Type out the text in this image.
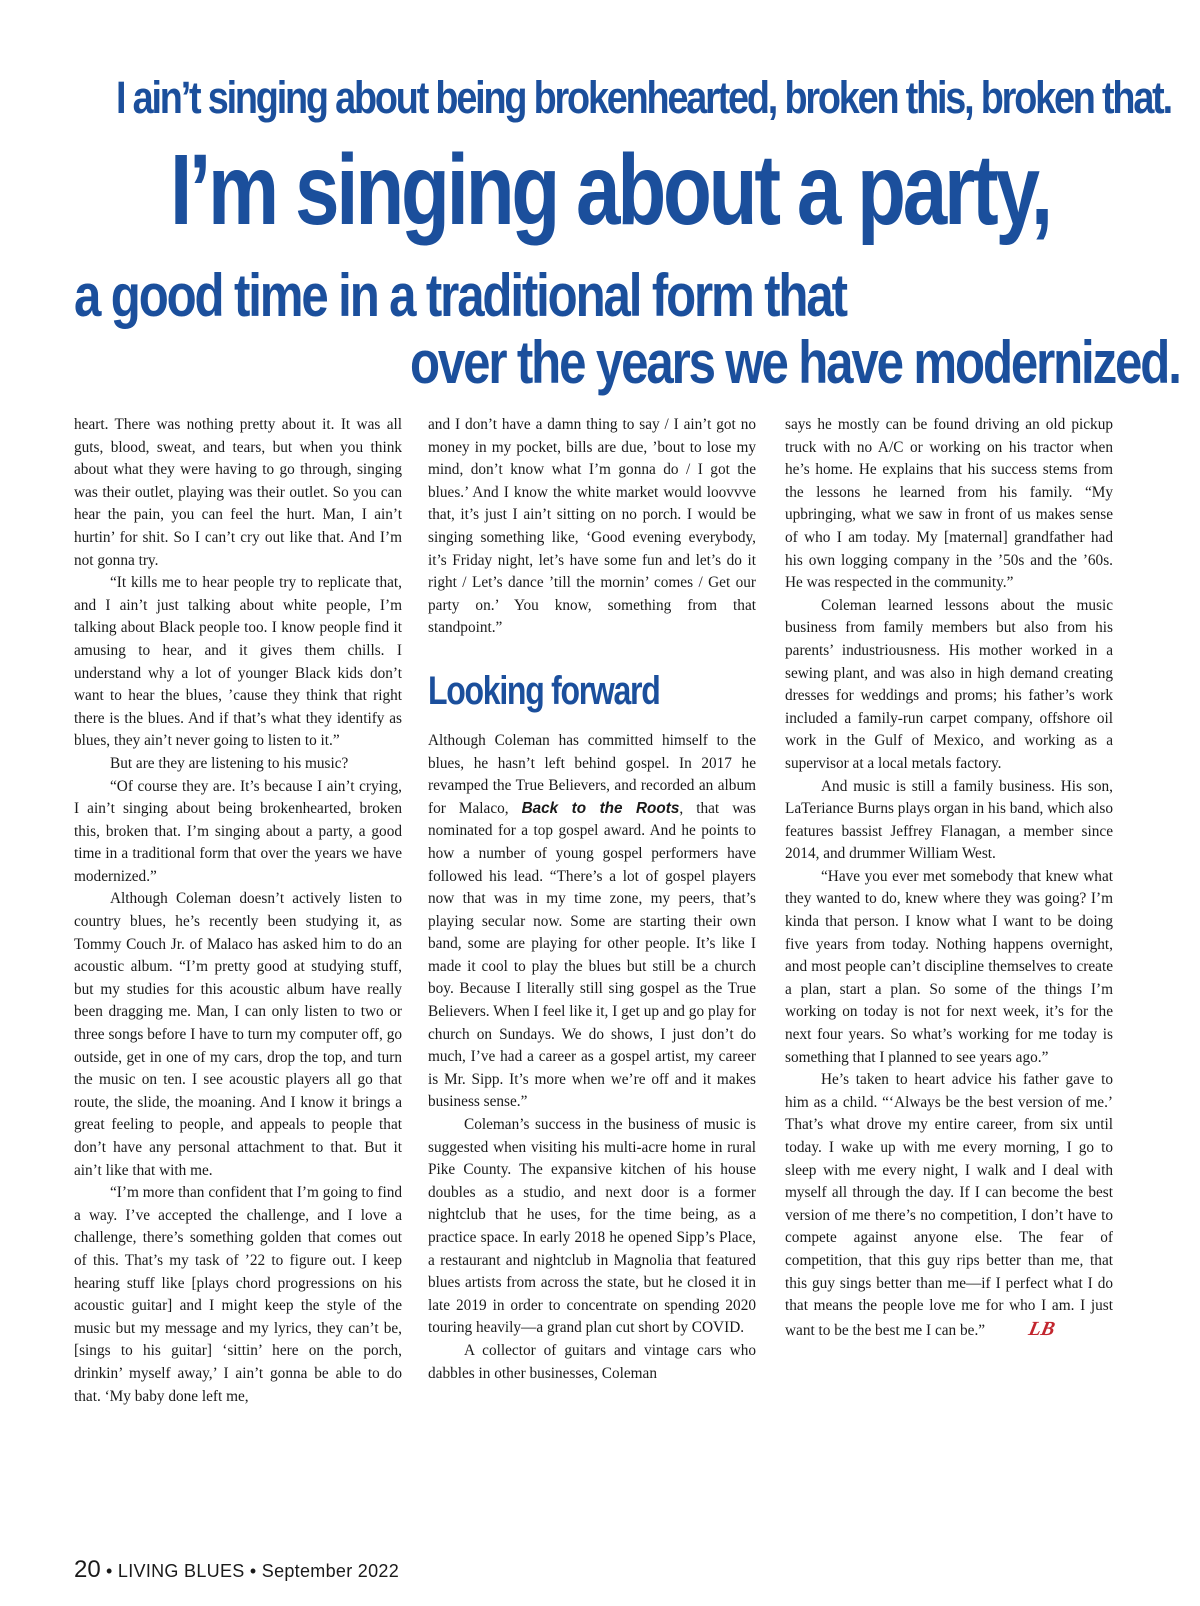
I ain’t singing about being brokenhearted, broken this, broken that.
I’m singing about a party,
a good time in a traditional form that
over the years we have modernized.

heart. There was nothing pretty about it. It was all guts, blood, sweat, and tears, but when you think about what they were having to go through, singing was their outlet, playing was their outlet. So you can hear the pain, you can feel the hurt. Man, I ain’t hurtin’ for shit. So I can’t cry out like that. And I’m not gonna try.

“It kills me to hear people try to replicate that, and I ain’t just talking about white people, I’m talking about Black people too. I know people find it amusing to hear, and it gives them chills. I understand why a lot of younger Black kids don’t want to hear the blues, ’cause they think that right there is the blues. And if that’s what they identify as blues, they ain’t never going to listen to it.”

But are they are listening to his music?

“Of course they are. It’s because I ain’t crying, I ain’t singing about being brokenhearted, broken this, broken that. I’m singing about a party, a good time in a traditional form that over the years we have modernized.”

Although Coleman doesn’t actively listen to country blues, he’s recently been studying it, as Tommy Couch Jr. of Malaco has asked him to do an acoustic album. “I’m pretty good at studying stuff, but my studies for this acoustic album have really been dragging me. Man, I can only listen to two or three songs before I have to turn my computer off, go outside, get in one of my cars, drop the top, and turn the music on ten. I see acoustic players all go that route, the slide, the moaning. And I know it brings a great feeling to people, and appeals to people that don’t have any personal attachment to that. But it ain’t like that with me.

“I’m more than confident that I’m going to find a way. I’ve accepted the challenge, and I love a challenge, there’s something golden that comes out of this. That’s my task of ’22 to figure out. I keep hearing stuff like [plays chord progressions on his acoustic guitar] and I might keep the style of the music but my message and my lyrics, they can’t be, [sings to his guitar] ‘sittin’ here on the porch, drinkin’ myself away,’ I ain’t gonna be able to do that. ‘My baby done left me,

and I don’t have a damn thing to say / I ain’t got no money in my pocket, bills are due, ’bout to lose my mind, don’t know what I’m gonna do / I got the blues.’ And I know the white market would loovvve that, it’s just I ain’t sitting on no porch. I would be singing something like, ‘Good evening everybody, it’s Friday night, let’s have some fun and let’s do it right / Let’s dance ’till the mornin’ comes / Get our party on.’ You know, something from that standpoint.”

Looking forward

Although Coleman has committed himself to the blues, he hasn’t left behind gospel. In 2017 he revamped the True Believers, and recorded an album for Malaco, Back to the Roots, that was nominated for a top gospel award. And he points to how a number of young gospel performers have followed his lead. “There’s a lot of gospel players now that was in my time zone, my peers, that’s playing secular now. Some are starting their own band, some are playing for other people. It’s like I made it cool to play the blues but still be a church boy. Because I literally still sing gospel as the True Believers. When I feel like it, I get up and go play for church on Sundays. We do shows, I just don’t do much, I’ve had a career as a gospel artist, my career is Mr. Sipp. It’s more when we’re off and it makes business sense.”

Coleman’s success in the business of music is suggested when visiting his multi-acre home in rural Pike County. The expansive kitchen of his house doubles as a studio, and next door is a former nightclub that he uses, for the time being, as a practice space. In early 2018 he opened Sipp’s Place, a restaurant and nightclub in Magnolia that featured blues artists from across the state, but he closed it in late 2019 in order to concentrate on spending 2020 touring heavily—a grand plan cut short by COVID.

A collector of guitars and vintage cars who dabbles in other businesses, Coleman

says he mostly can be found driving an old pickup truck with no A/C or working on his tractor when he’s home. He explains that his success stems from the lessons he learned from his family. “My upbringing, what we saw in front of us makes sense of who I am today. My [maternal] grandfather had his own logging company in the ’50s and the ’60s. He was respected in the community.”

Coleman learned lessons about the music business from family members but also from his parents’ industriousness. His mother worked in a sewing plant, and was also in high demand creating dresses for weddings and proms; his father’s work included a family-run carpet company, offshore oil work in the Gulf of Mexico, and working as a supervisor at a local metals factory.

And music is still a family business. His son, LaTeriance Burns plays organ in his band, which also features bassist Jeffrey Flanagan, a member since 2014, and drummer William West.

“Have you ever met somebody that knew what they wanted to do, knew where they was going? I’m kinda that person. I know what I want to be doing five years from today. Nothing happens overnight, and most people can’t discipline themselves to create a plan, start a plan. So some of the things I’m working on today is not for next week, it’s for the next four years. So what’s working for me today is something that I planned to see years ago.”

He’s taken to heart advice his father gave to him as a child. “‘Always be the best version of me.’ That’s what drove my entire career, from six until today. I wake up with me every morning, I go to sleep with me every night, I walk and I deal with myself all through the day. If I can become the best version of me there’s no competition, I don’t have to compete against anyone else. The fear of competition, that this guy rips better than me, that this guy sings better than me—if I perfect what I do that means the people love me for who I am. I just want to be the best me I can be.” LB

20 • LIVING BLUES • September 2022
